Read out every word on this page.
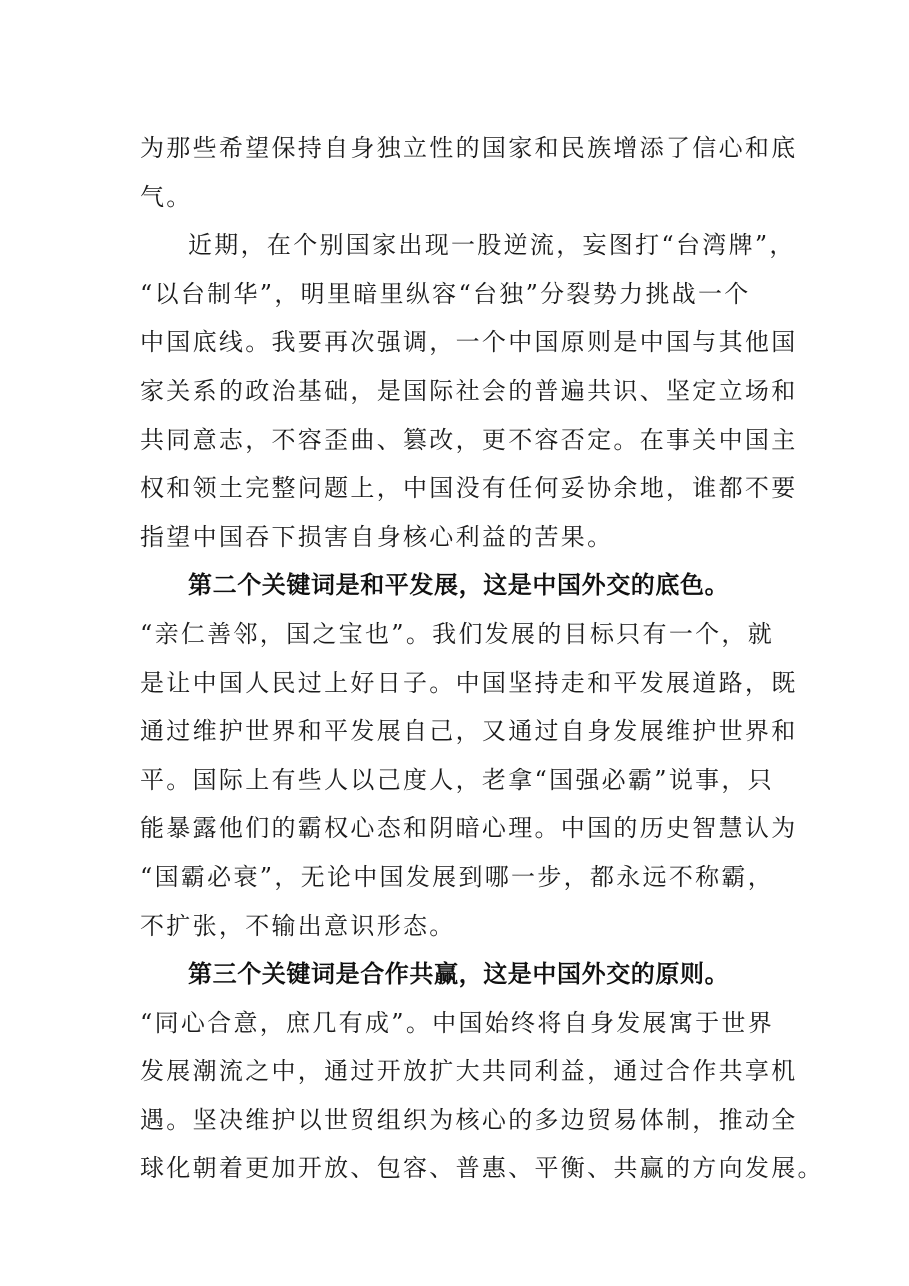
为那些希望保持自身独立性的国家和民族增添了信心和底
气。
近期，在个别国家出现一股逆流，妄图打“台湾牌”，
“以台制华”，明里暗里纵容“台独”分裂势力挑战一个
中国底线。我要再次强调，一个中国原则是中国与其他国
家关系的政治基础，是国际社会的普遍共识、坚定立场和
共同意志，不容歪曲、篡改，更不容否定。在事关中国主
权和领土完整问题上，中国没有任何妥协余地，谁都不要
指望中国吞下损害自身核心利益的苦果。
第二个关键词是和平发展，这是中国外交的底色。
“亲仁善邻，国之宝也”。我们发展的目标只有一个，就
是让中国人民过上好日子。中国坚持走和平发展道路，既
通过维护世界和平发展自己，又通过自身发展维护世界和
平。国际上有些人以己度人，老拿“国强必霸”说事，只
能暴露他们的霸权心态和阴暗心理。中国的历史智慧认为
“国霸必衰”，无论中国发展到哪一步，都永远不称霸，
不扩张，不输出意识形态。
第三个关键词是合作共赢，这是中国外交的原则。
“同心合意，庶几有成”。中国始终将自身发展寓于世界
发展潮流之中，通过开放扩大共同利益，通过合作共享机
遇。坚决维护以世贸组织为核心的多边贸易体制，推动全
球化朝着更加开放、包容、普惠、平衡、共赢的方向发展。
